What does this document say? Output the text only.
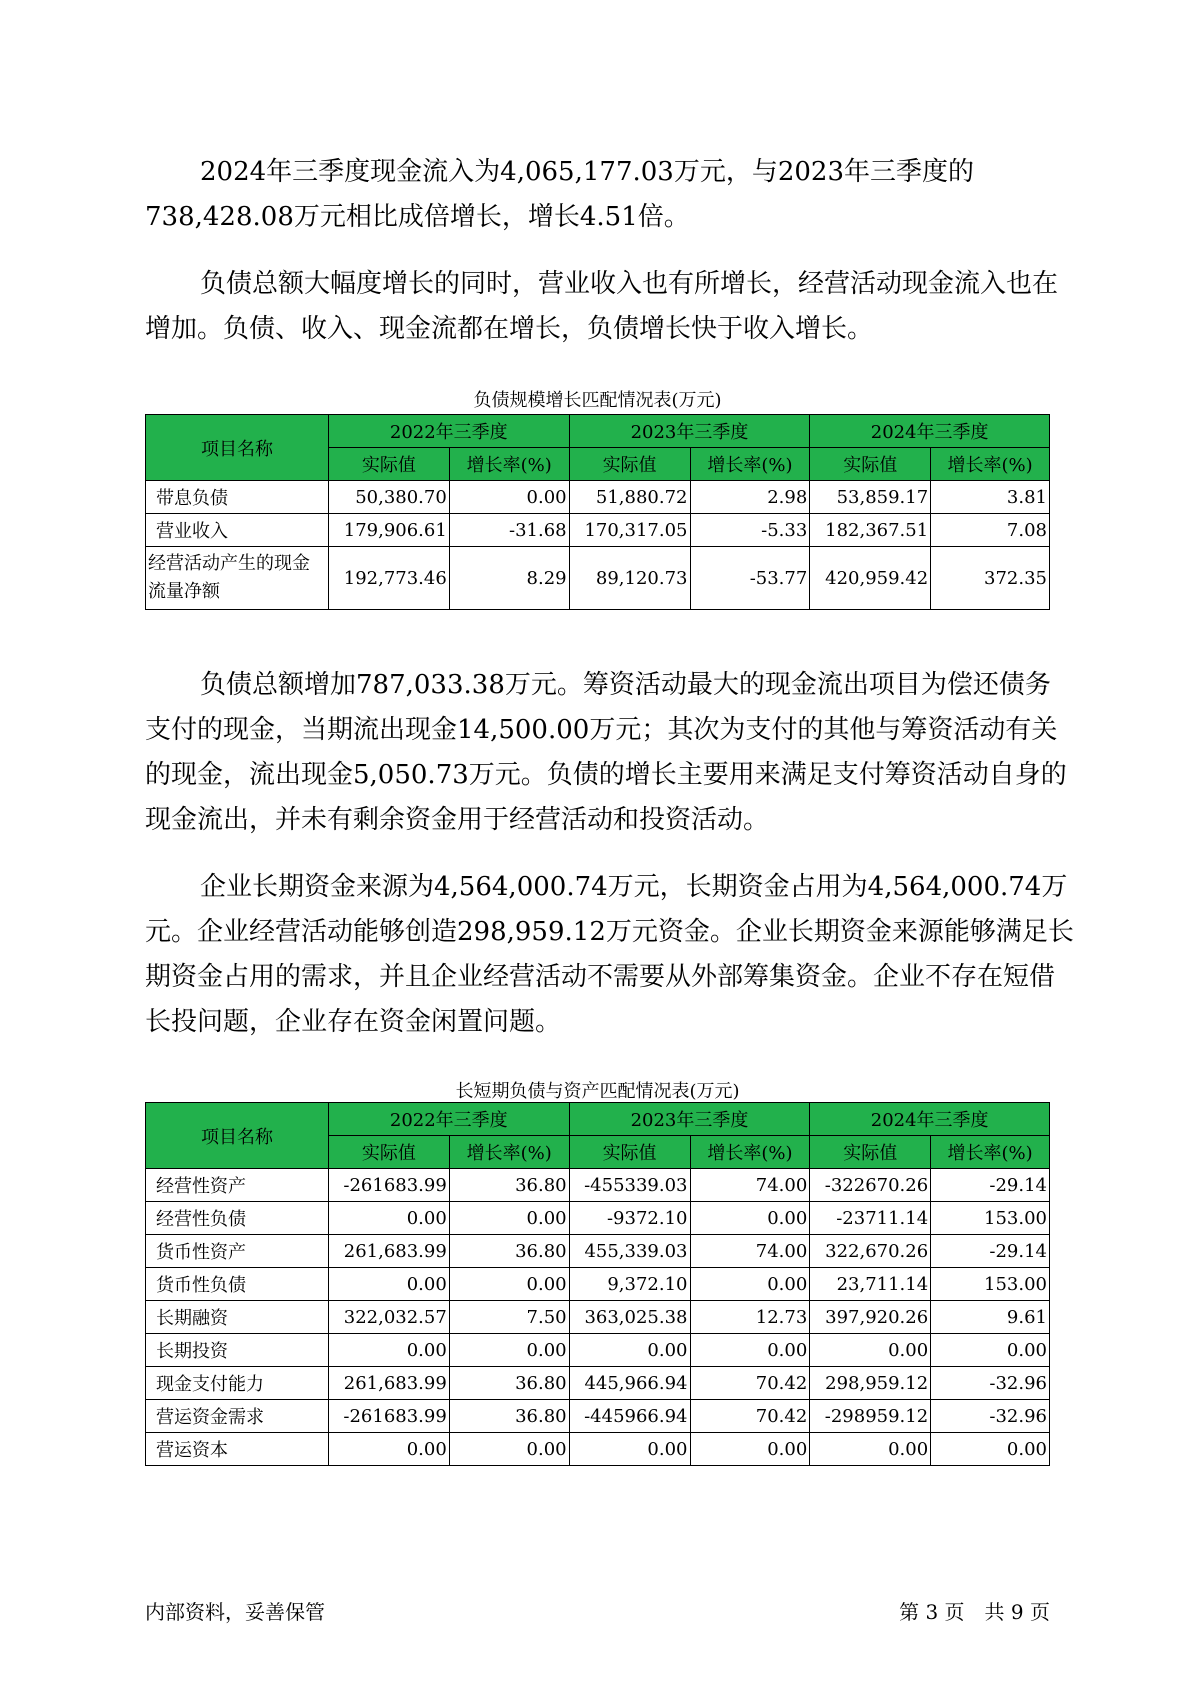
2024年三季度现金流入为4,065,177.03万元，与2023年三季度的738,428.08万元相比成倍增长，增长4.51倍。

负债总额大幅度增长的同时，营业收入也有所增长，经营活动现金流入也在增加。负债、收入、现金流都在增长，负债增长快于收入增长。

负债规模增长匹配情况表(万元)

项目名称	2022年三季度		2023年三季度		2024年三季度	
	实际值	增长率(%)	实际值	增长率(%)	实际值	增长率(%)
带息负债	50,380.70	0.00	51,880.72	2.98	53,859.17	3.81
营业收入	179,906.61	-31.68	170,317.05	-5.33	182,367.51	7.08
经营活动产生的现金流量净额	192,773.46	8.29	89,120.73	-53.77	420,959.42	372.35

负债总额增加787,033.38万元。筹资活动最大的现金流出项目为偿还债务支付的现金，当期流出现金14,500.00万元；其次为支付的其他与筹资活动有关的现金，流出现金5,050.73万元。负债的增长主要用来满足支付筹资活动自身的现金流出，并未有剩余资金用于经营活动和投资活动。

企业长期资金来源为4,564,000.74万元，长期资金占用为4,564,000.74万元。企业经营活动能够创造298,959.12万元资金。企业长期资金来源能够满足长期资金占用的需求，并且企业经营活动不需要从外部筹集资金。企业不存在短借长投问题，企业存在资金闲置问题。

长短期负债与资产匹配情况表(万元)

项目名称	2022年三季度		2023年三季度		2024年三季度	
	实际值	增长率(%)	实际值	增长率(%)	实际值	增长率(%)
经营性资产	-261683.99	36.80	-455339.03	74.00	-322670.26	-29.14
经营性负债	0.00	0.00	-9372.10	0.00	-23711.14	153.00
货币性资产	261,683.99	36.80	455,339.03	74.00	322,670.26	-29.14
货币性负债	0.00	0.00	9,372.10	0.00	23,711.14	153.00
长期融资	322,032.57	7.50	363,025.38	12.73	397,920.26	9.61
长期投资	0.00	0.00	0.00	0.00	0.00	0.00
现金支付能力	261,683.99	36.80	445,966.94	70.42	298,959.12	-32.96
营运资金需求	-261683.99	36.80	-445966.94	70.42	-298959.12	-32.96
营运资本	0.00	0.00	0.00	0.00	0.00	0.00

内部资料，妥善保管	第 3 页　共 9 页
